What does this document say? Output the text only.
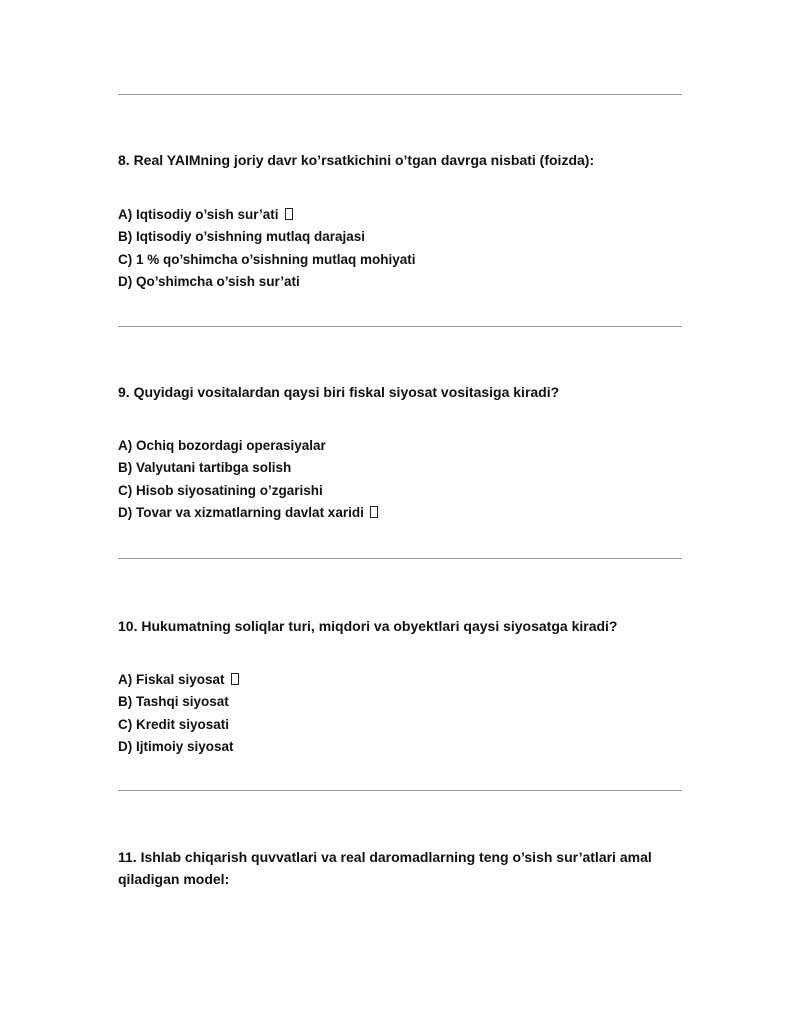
8. Real YAIMning joriy davr ko’rsatkichini o’tgan davrga nisbati (foizda):
A) Iqtisodiy o’sish sur’ati
B) Iqtisodiy o’sishning mutlaq darajasi
C) 1 % qo’shimcha o’sishning mutlaq mohiyati
D) Qo’shimcha o’sish sur’ati
9. Quyidagi vositalardan qaysi biri fiskal siyosat vositasiga kiradi?
A) Ochiq bozordagi operasiyalar
B) Valyutani tartibga solish
C) Hisob siyosatining o’zgarishi
D) Tovar va xizmatlarning davlat xaridi
10. Hukumatning soliqlar turi, miqdori va obyektlari qaysi siyosatga kiradi?
A) Fiskal siyosat
B) Tashqi siyosat
C) Kredit siyosati
D) Ijtimoiy siyosat
11. Ishlab chiqarish quvvatlari va real daromadlarning teng o’sish sur’atlari amal qiladigan model:
